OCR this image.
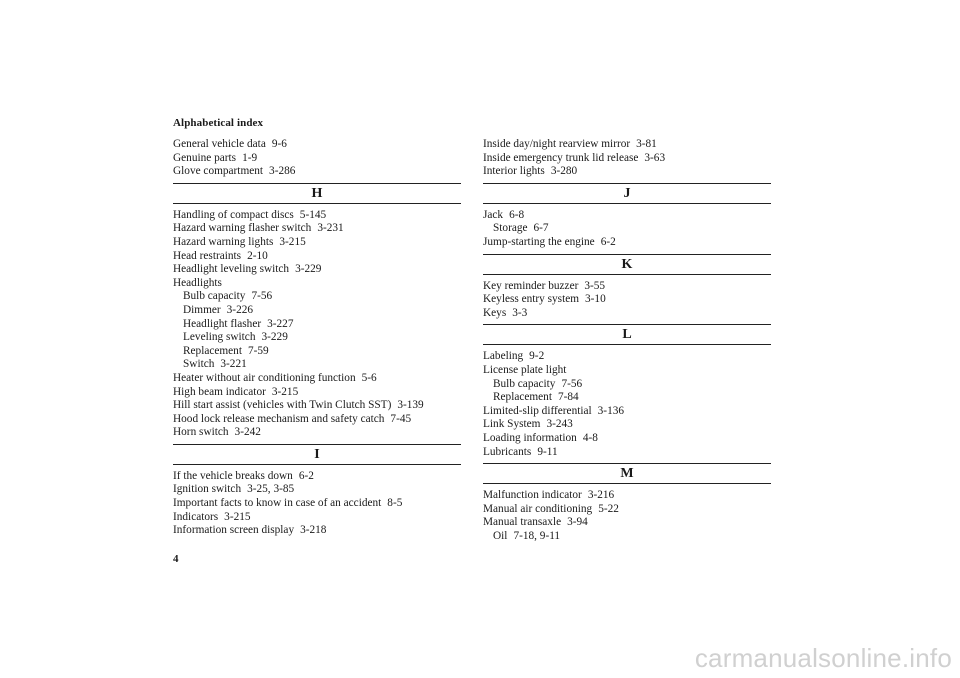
Alphabetical index
General vehicle data 9-6
Genuine parts 1-9
Glove compartment 3-286
H
Handling of compact discs 5-145
Hazard warning flasher switch 3-231
Hazard warning lights 3-215
Head restraints 2-10
Headlight leveling switch 3-229
Headlights
Bulb capacity 7-56
Dimmer 3-226
Headlight flasher 3-227
Leveling switch 3-229
Replacement 7-59
Switch 3-221
Heater without air conditioning function 5-6
High beam indicator 3-215
Hill start assist (vehicles with Twin Clutch SST) 3-139
Hood lock release mechanism and safety catch 7-45
Horn switch 3-242
I
If the vehicle breaks down 6-2
Ignition switch 3-25, 3-85
Important facts to know in case of an accident 8-5
Indicators 3-215
Information screen display 3-218
Inside day/night rearview mirror 3-81
Inside emergency trunk lid release 3-63
Interior lights 3-280
J
Jack 6-8
Storage 6-7
Jump-starting the engine 6-2
K
Key reminder buzzer 3-55
Keyless entry system 3-10
Keys 3-3
L
Labeling 9-2
License plate light
Bulb capacity 7-56
Replacement 7-84
Limited-slip differential 3-136
Link System 3-243
Loading information 4-8
Lubricants 9-11
M
Malfunction indicator 3-216
Manual air conditioning 5-22
Manual transaxle 3-94
Oil 7-18, 9-11
4
carmanualsonline.info
